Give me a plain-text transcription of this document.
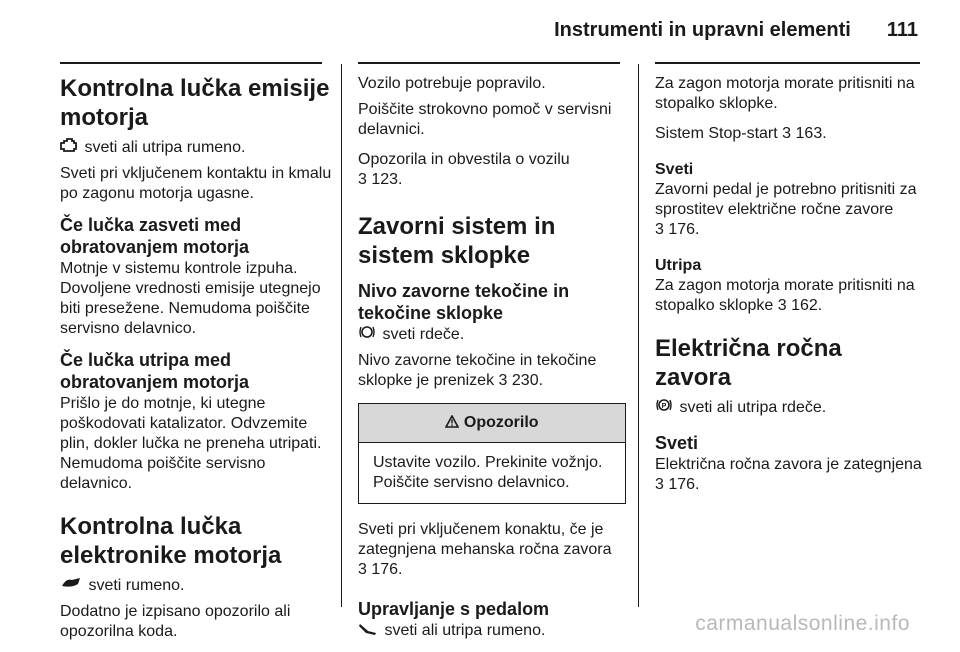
Instrumenti in upravni elementi 111
Kontrolna lučka emisije motorja

sveti ali utripa rumeno.

Sveti pri vključenem kontaktu in kmalu po zagonu motorja ugasne.

Če lučka zasveti med obratovanjem motorja

Motnje v sistemu kontrole izpuha. Dovoljene vrednosti emisije utegnejo biti presežene. Nemudoma poiščite servisno delavnico.

Če lučka utripa med obratovanjem motorja

Prišlo je do motnje, ki utegne poškodovati katalizator. Odvzemite plin, dokler lučka ne preneha utripati. Nemudoma poiščite servisno delavnico.

Kontrolna lučka elektronike motorja

sveti rumeno.

Dodatno je izpisano opozorilo ali opozorilna koda.

Vozilo potrebuje popravilo.

Poiščite strokovno pomoč v servisni delavnici.

Opozorila in obvestila o vozilu
3 123.

Zavorni sistem in sistem sklopke
Nivo zavorne tekočine in tekočine sklopke

sveti rdeče.

Nivo zavorne tekočine in tekočine sklopke je prenizek 3 230.

Opozorilo
Ustavite vozilo. Prekinite vožnjo. Poiščite servisno delavnico.

Sveti pri vključenem konaktu, če je zategnjena mehanska ročna zavora
3 176.

Upravljanje s pedalom

sveti ali utripa rumeno.

Za zagon motorja morate pritisniti na stopalko sklopke.

Sistem Stop-start 3 163.

Sveti

Zavorni pedal je potrebno pritisniti za sprostitev električne ročne zavore
3 176.

Utripa

Za zagon motorja morate pritisniti na stopalko sklopke 3 162.

Električna ročna zavora

P sveti ali utripa rdeče.

Sveti

Električna ročna zavora je zategnjena
3 176.

carmanualsonline.info
